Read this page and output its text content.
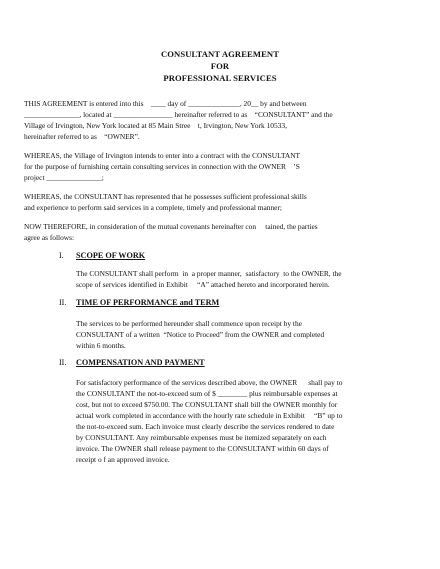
CONSULTANT AGREEMENT
FOR
PROFESSIONAL SERVICES
THIS AGREEMENT is entered into this    ____ day of ______________, 20__ by and between
_______________, located at ________________ hereinafter referred to as    “CONSULTANT” and the
Village of Irvington, New York located at 85 Main Stree    t, Irvington, New York 10533,
hereinafter referred to as    “OWNER”.
WHEREAS, the Village of Irvington intends to enter into a contract with the CONSULTANT
for the purpose of furnishing certain consulting services in connection with the OWNER    ’S
project _______________;
WHEREAS, the CONSULTANT has represented that he possesses sufficient professional skills
and experience to perform said services in a complete, timely and professional manner;
NOW THEREFORE, in consideration of the mutual covenants hereinafter con     tained, the parties
agree as follows:
I. SCOPE OF WORK
The CONSULTANT shall perform  in  a proper manner,  satisfactory  to the OWNER, the
scope of services identified in Exhibit     “A” attached hereto and incorporated herein.
II. TIME OF PERFORMANCE and TERM
The services to be performed hereunder shall commence upon receipt by the
CONSULTANT of a written  “Notice to Proceed” from the OWNER and completed
within 6 months.
II. COMPENSATION AND PAYMENT
For satisfactory performance of the services described above, the OWNER      shall pay to
the CONSULTANT the not-to-exceed sum of $ ________ plus reimbursable expenses at
cost, but not to exceed $750.00. The CONSULTANT shall bill the OWNER monthly for
actual work completed in accordance with the hourly rate schedule in Exhibit     “B” up to
the not-to-exceed sum. Each invoice must clearly describe the services rendered to date
by CONSULTANT. Any reimbursable expenses must be itemized separately on each
invoice. The OWNER shall release payment to the CONSULTANT within 60 days of
receipt o f an approved invoice.
